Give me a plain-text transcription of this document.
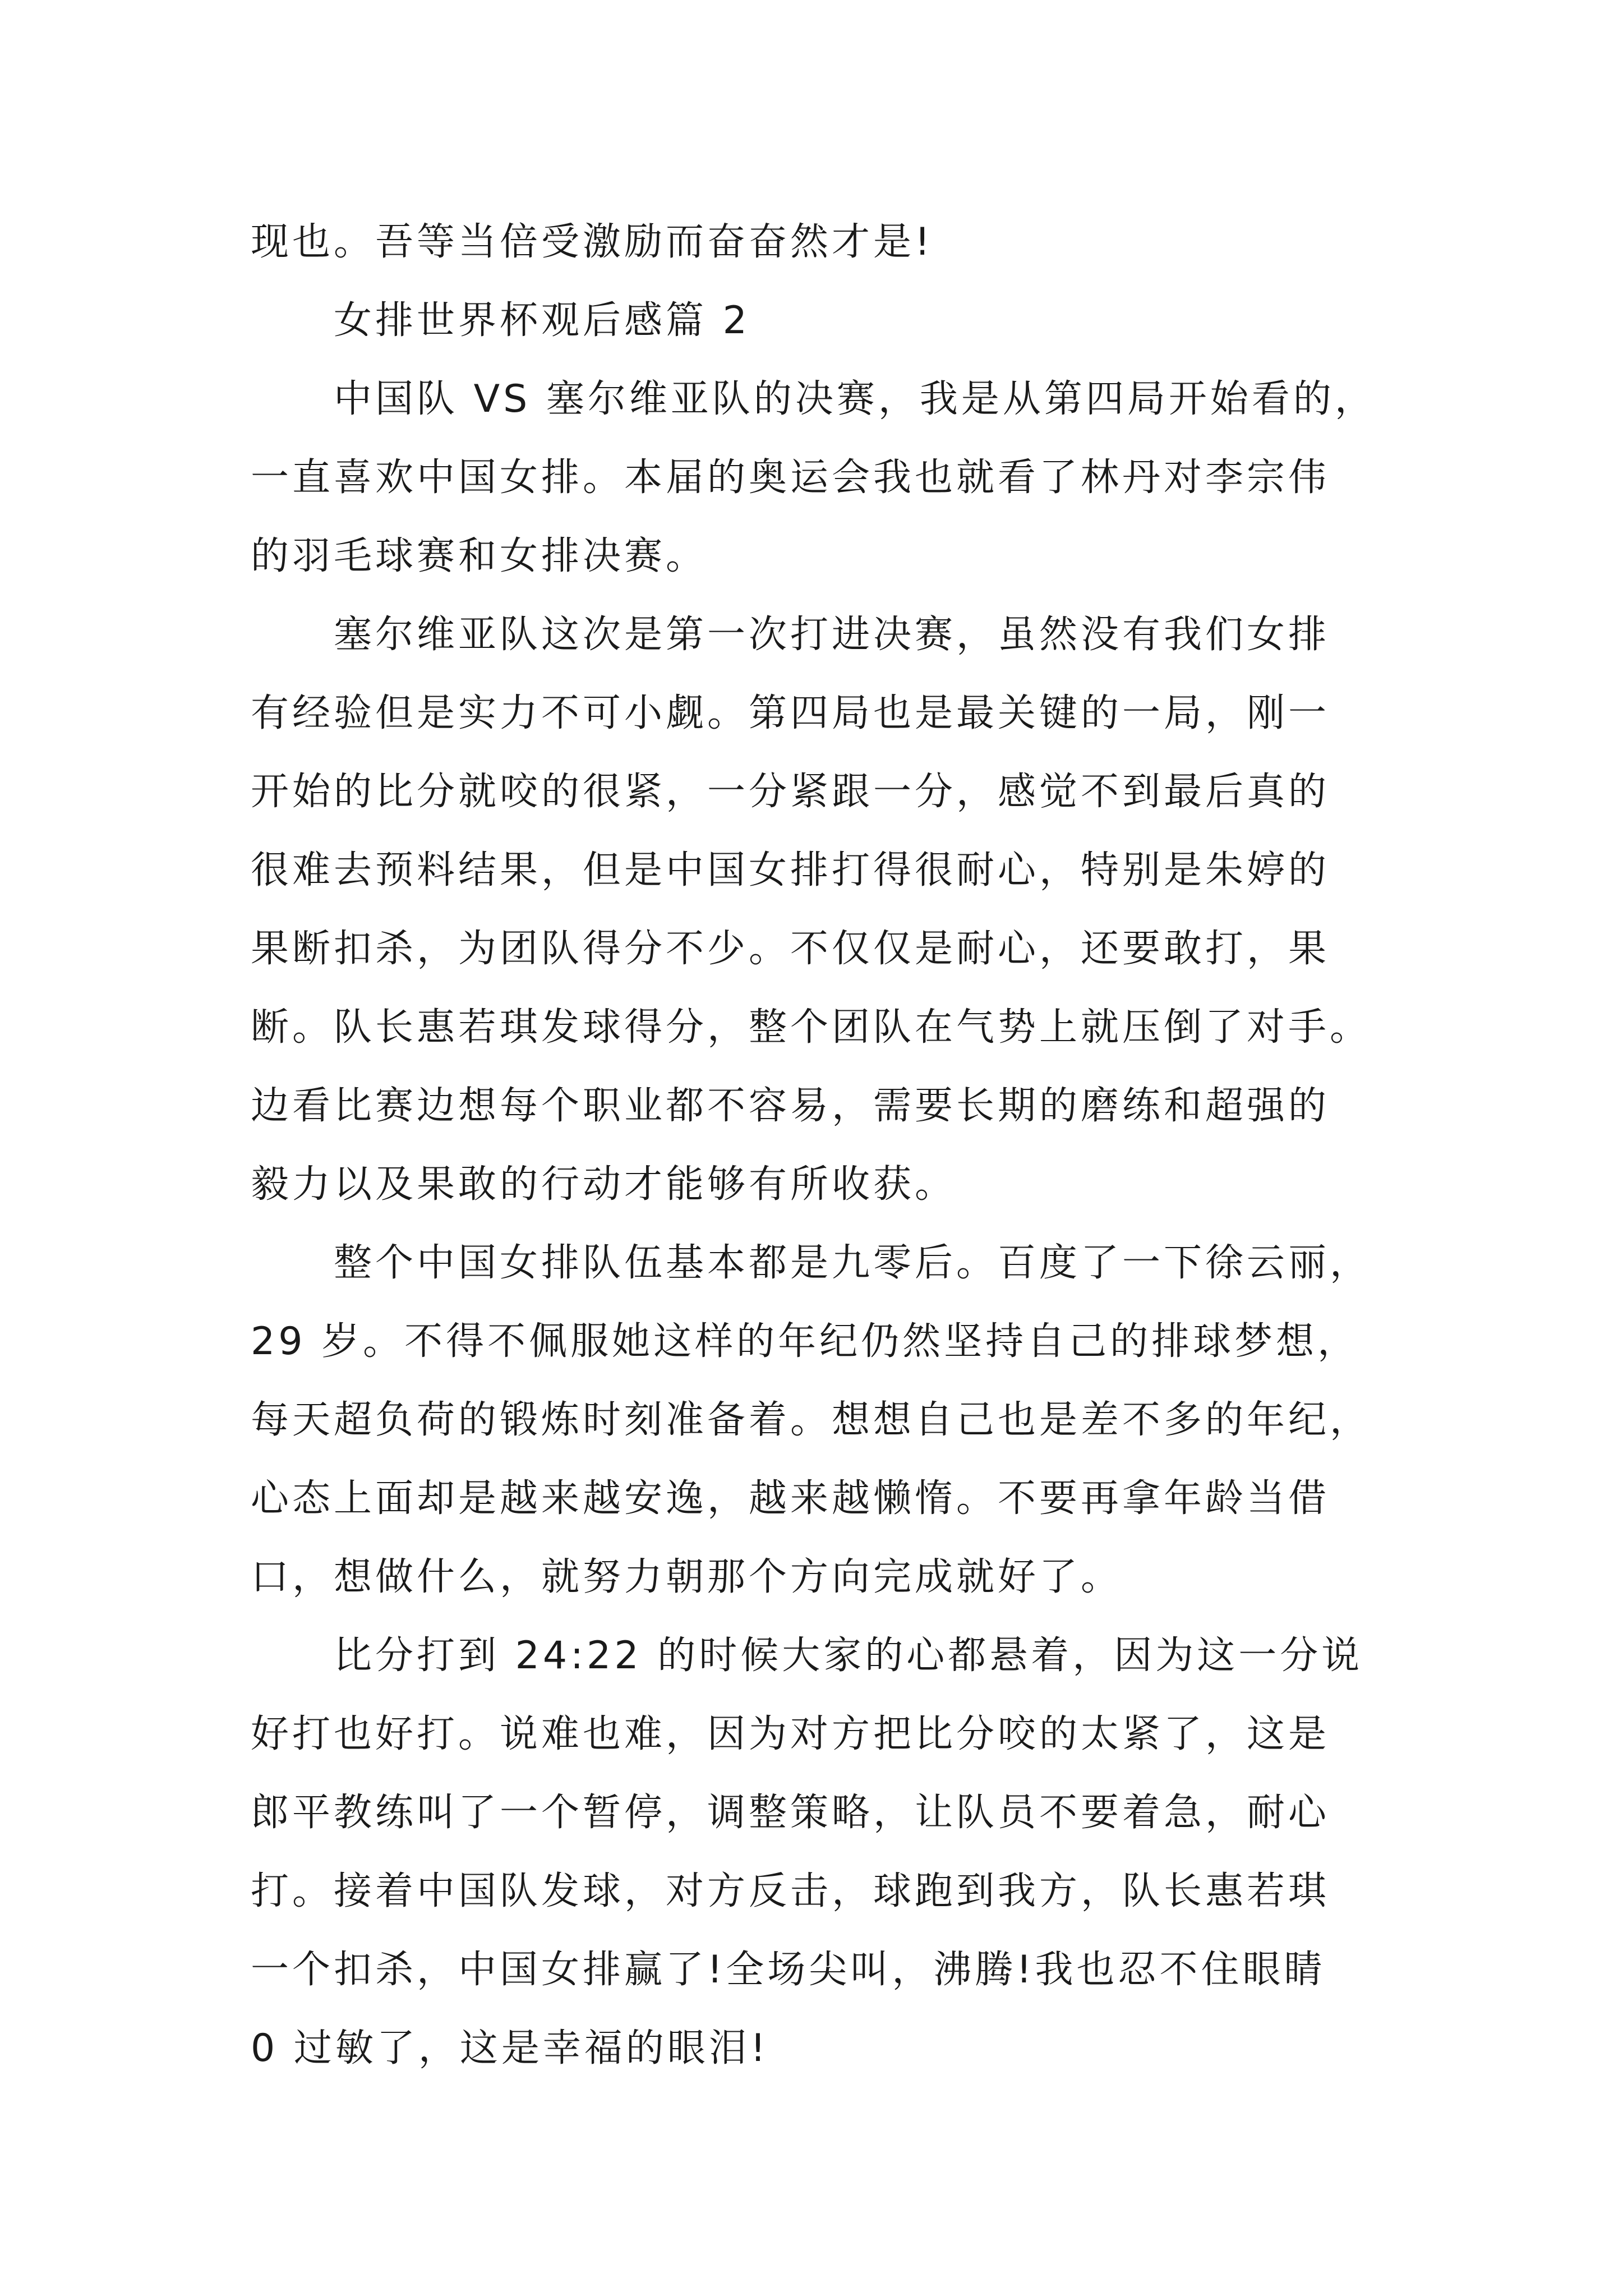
现也。吾等当倍受激励而奋奋然才是!
女排世界杯观后感篇 2
中国队 VS 塞尔维亚队的决赛，我是从第四局开始看的，
一直喜欢中国女排。本届的奥运会我也就看了林丹对李宗伟
的羽毛球赛和女排决赛。
塞尔维亚队这次是第一次打进决赛，虽然没有我们女排
有经验但是实力不可小觑。第四局也是最关键的一局，刚一
开始的比分就咬的很紧，一分紧跟一分，感觉不到最后真的
很难去预料结果，但是中国女排打得很耐心，特别是朱婷的
果断扣杀，为团队得分不少。不仅仅是耐心，还要敢打，果
断。队长惠若琪发球得分，整个团队在气势上就压倒了对手。
边看比赛边想每个职业都不容易，需要长期的磨练和超强的
毅力以及果敢的行动才能够有所收获。
整个中国女排队伍基本都是九零后。百度了一下徐云丽，
29 岁。不得不佩服她这样的年纪仍然坚持自己的排球梦想，
每天超负荷的锻炼时刻准备着。想想自己也是差不多的年纪，
心态上面却是越来越安逸，越来越懒惰。不要再拿年龄当借
口，想做什么，就努力朝那个方向完成就好了。
比分打到 24:22 的时候大家的心都悬着，因为这一分说
好打也好打。说难也难，因为对方把比分咬的太紧了，这是
郎平教练叫了一个暂停，调整策略，让队员不要着急，耐心
打。接着中国队发球，对方反击，球跑到我方，队长惠若琪
一个扣杀，中国女排赢了!全场尖叫，沸腾!我也忍不住眼睛
0 过敏了，这是幸福的眼泪!
